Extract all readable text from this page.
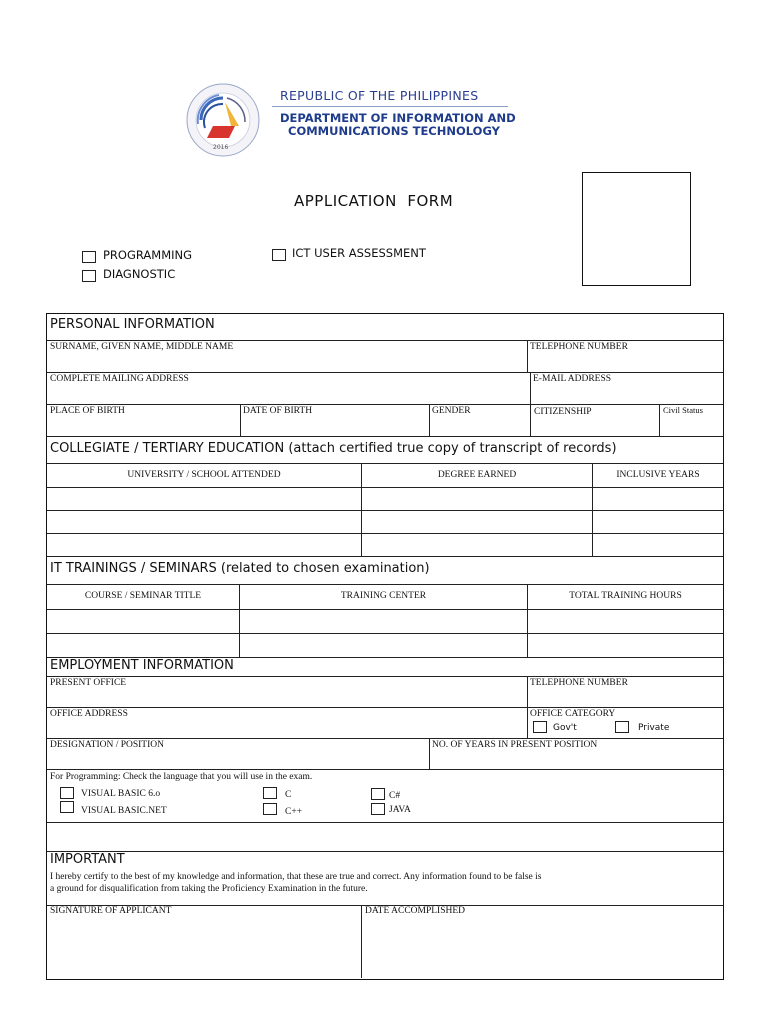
2016
REPUBLIC OF THE PHILIPPINES
DEPARTMENT OF INFORMATION AND
COMMUNICATIONS TECHNOLOGY
APPLICATION  FORM
PROGRAMMING
DIAGNOSTIC
ICT USER ASSESSMENT
PERSONAL INFORMATION
SURNAME, GIVEN NAME, MIDDLE NAME	TELEPHONE NUMBER
COMPLETE MAILING ADDRESS	E-MAIL ADDRESS
PLACE OF BIRTH	DATE OF BIRTH	GENDER	CITIZENSHIP	Civil Status
COLLEGIATE / TERTIARY EDUCATION (attach certified true copy of transcript of records)
UNIVERSITY / SCHOOL ATTENDED	DEGREE EARNED	INCLUSIVE YEARS
IT TRAININGS / SEMINARS (related to chosen examination)
COURSE / SEMINAR TITLE	TRAINING CENTER	TOTAL TRAINING HOURS
EMPLOYMENT INFORMATION
PRESENT OFFICE	TELEPHONE NUMBER
OFFICE ADDRESS	OFFICE CATEGORY
Gov't	Private
DESIGNATION / POSITION	NO. OF YEARS IN PRESENT POSITION
For Programming: Check the language that you will use in the exam.
VISUAL BASIC 6.o
VISUAL BASIC.NET
C
C++
C#
JAVA
IMPORTANT
I hereby certify to the best of my knowledge and information, that these are true and correct. Any information found to be false is
a ground for disqualification from taking the Proficiency Examination in the future.
SIGNATURE OF APPLICANT	DATE ACCOMPLISHED
